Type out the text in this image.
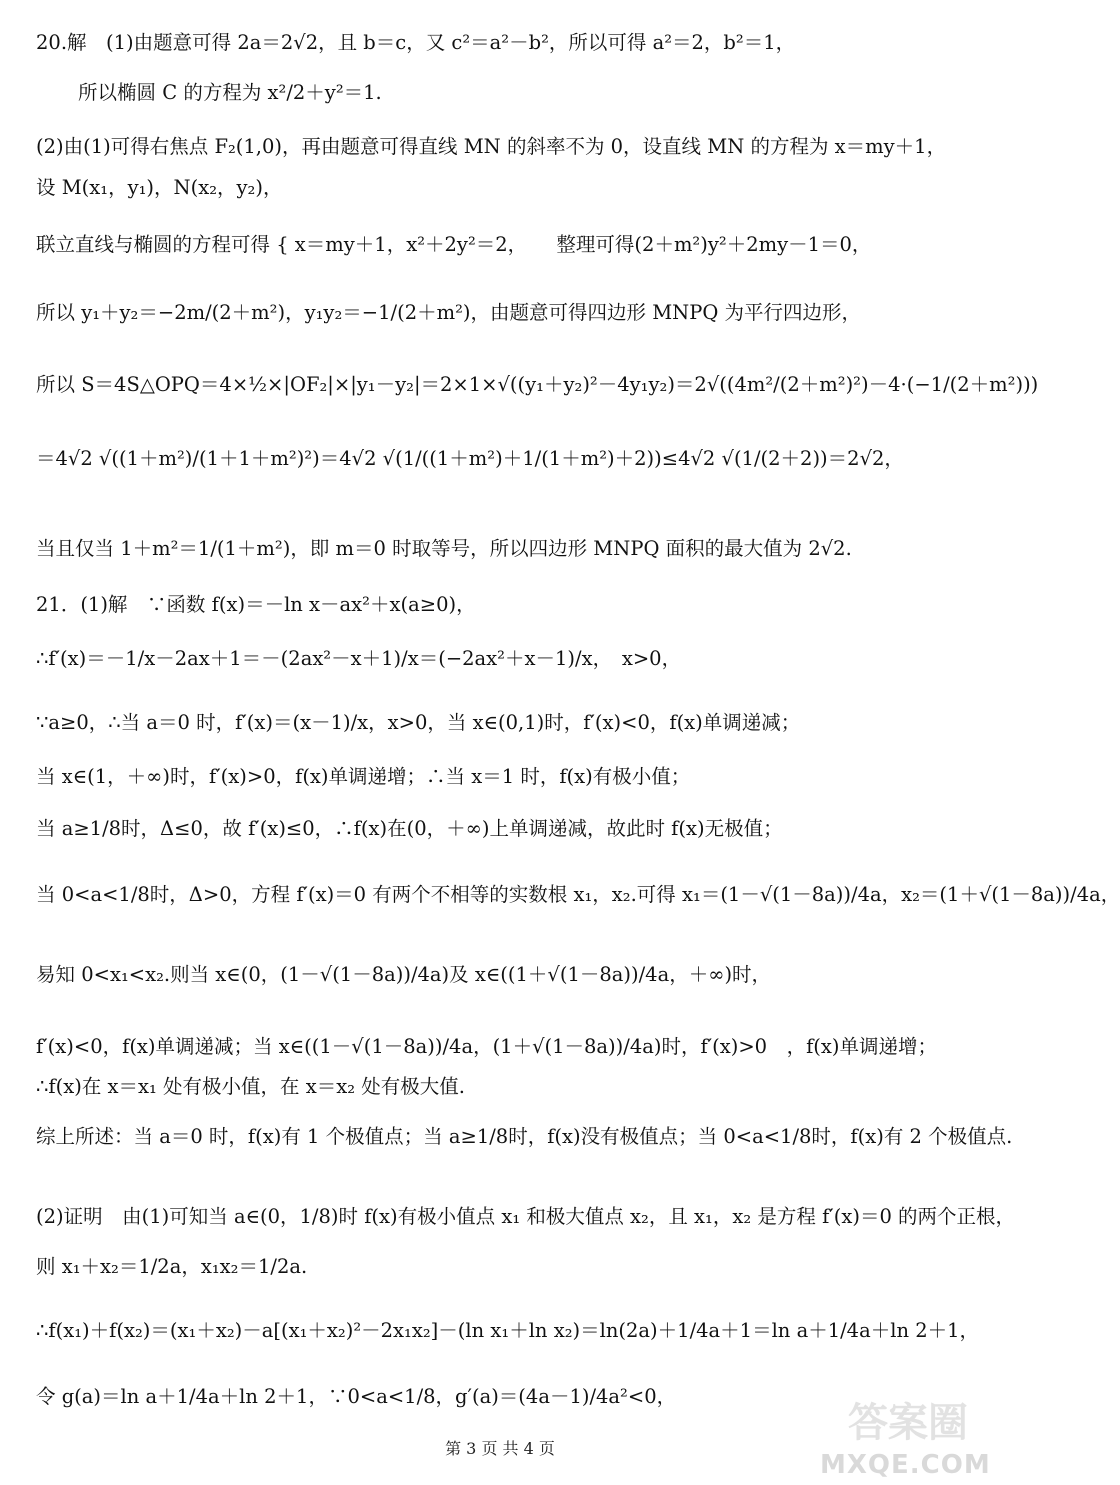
20.解　(1)由题意可得 2a＝2√2，且 b＝c，又 c²＝a²－b²，所以可得 a²＝2，b²＝1，
所以椭圆 C 的方程为 x²/2＋y²＝1.
(2)由(1)可得右焦点 F₂(1,0)，再由题意可得直线 MN 的斜率不为 0，设直线 MN 的方程为 x＝my＋1，
设 M(x₁，y₁)，N(x₂，y₂)，
联立直线与椭圆的方程可得 { x＝my＋1，x²＋2y²＝2，　　整理可得(2＋m²)y²＋2my－1＝0，
所以 y₁＋y₂＝−2m/(2＋m²)，y₁y₂＝−1/(2＋m²)，由题意可得四边形 MNPQ 为平行四边形，
所以 S＝4S△OPQ＝4×½×|OF₂|×|y₁－y₂|＝2×1×√((y₁＋y₂)²－4y₁y₂)＝2√((4m²/(2＋m²)²)－4·(−1/(2＋m²)))
＝4√2 √((1＋m²)/(1＋1＋m²)²)＝4√2 √(1/((1＋m²)＋1/(1＋m²)＋2))≤4√2 √(1/(2＋2))＝2√2，
当且仅当 1＋m²＝1/(1＋m²)，即 m＝0 时取等号，所以四边形 MNPQ 面积的最大值为 2√2.
21．(1)解　∵函数 f(x)＝－ln x－ax²＋x(a≥0)，
∴f′(x)＝－1/x－2ax＋1＝－(2ax²－x＋1)/x＝(−2ax²＋x－1)/x，　x>0，
∵a≥0，∴当 a＝0 时，f′(x)＝(x－1)/x，x>0，当 x∈(0,1)时，f′(x)<0，f(x)单调递减；
当 x∈(1，＋∞)时，f′(x)>0，f(x)单调递增；∴当 x＝1 时，f(x)有极小值；
当 a≥1/8时，Δ≤0，故 f′(x)≤0，∴f(x)在(0，＋∞)上单调递减，故此时 f(x)无极值；
当 0<a<1/8时，Δ>0，方程 f′(x)＝0 有两个不相等的实数根 x₁，x₂.可得 x₁＝(1－√(1－8a))/4a，x₂＝(1＋√(1－8a))/4a，
易知 0<x₁<x₂.则当 x∈(0，(1－√(1－8a))/4a)及 x∈((1＋√(1－8a))/4a，＋∞)时，
f′(x)<0，f(x)单调递减；当 x∈((1－√(1－8a))/4a，(1＋√(1－8a))/4a)时，f′(x)>0　，f(x)单调递增；
∴f(x)在 x＝x₁ 处有极小值，在 x＝x₂ 处有极大值.
综上所述：当 a＝0 时，f(x)有 1 个极值点；当 a≥1/8时，f(x)没有极值点；当 0<a<1/8时，f(x)有 2 个极值点.
(2)证明　由(1)可知当 a∈(0，1/8)时 f(x)有极小值点 x₁ 和极大值点 x₂，且 x₁，x₂ 是方程 f′(x)＝0 的两个正根，
则 x₁＋x₂＝1/2a，x₁x₂＝1/2a.
∴f(x₁)＋f(x₂)＝(x₁＋x₂)－a[(x₁＋x₂)²－2x₁x₂]－(ln x₁＋ln x₂)＝ln(2a)＋1/4a＋1＝ln a＋1/4a＋ln 2＋1，
令 g(a)＝ln a＋1/4a＋ln 2＋1，∵0<a<1/8，g′(a)＝(4a－1)/4a²<0，
第 3 页 共 4 页
答案圈
MXQE.COM
